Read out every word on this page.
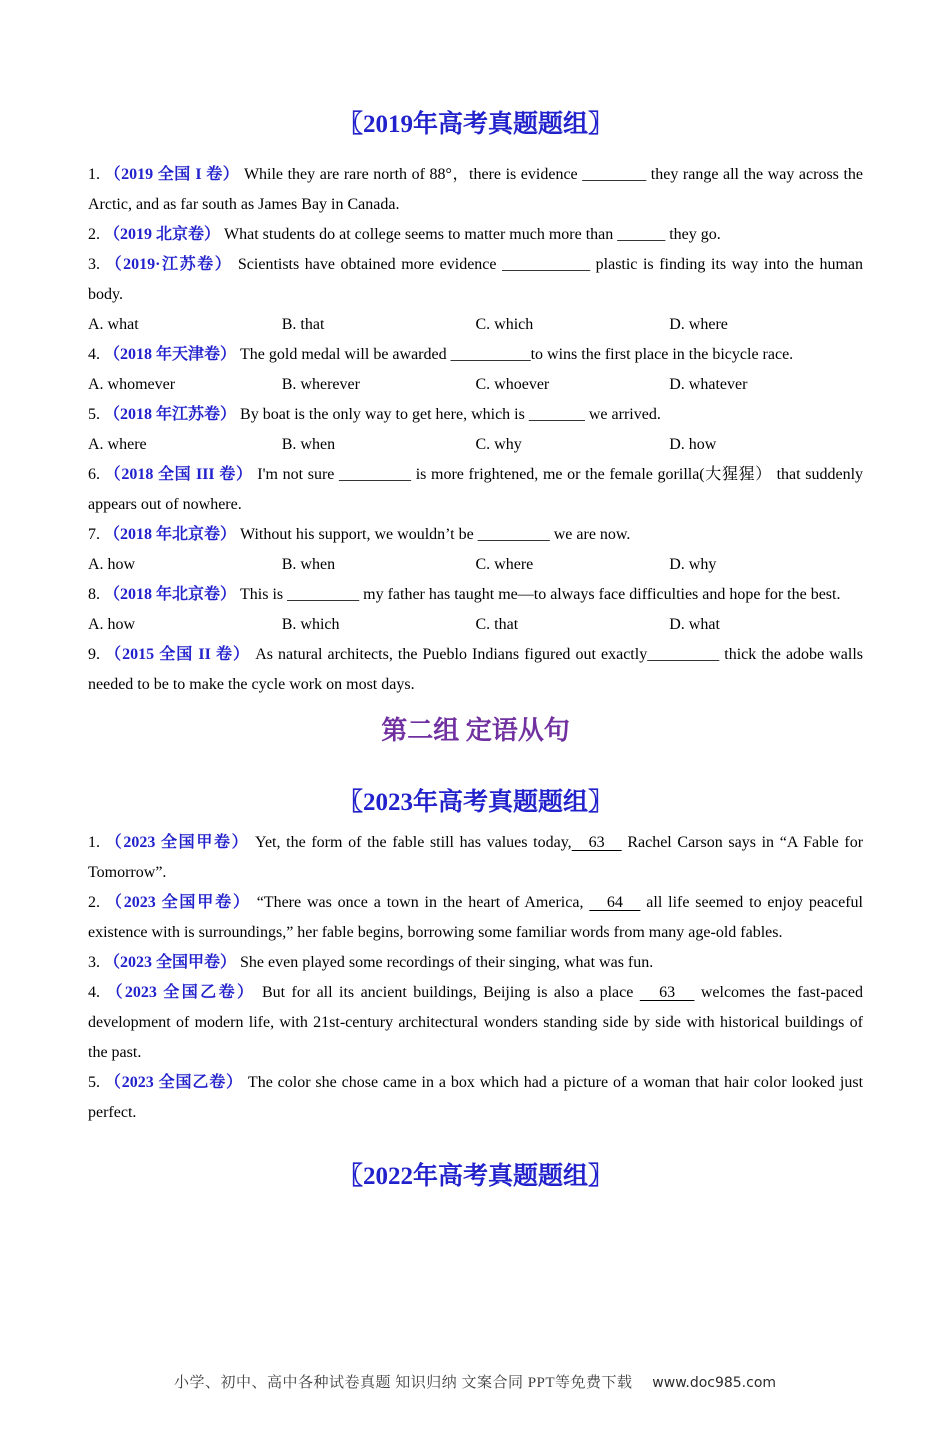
〖2019年高考真题题组〗

1. （2019 全国 I 卷） While they are rare north of 88°，there is evidence ________ they range all the way across the Arctic, and as far south as James Bay in Canada.

2. （2019 北京卷） What students do at college seems to matter much more than ______ they go.

3. （2019·江苏卷） Scientists have obtained more evidence ___________ plastic is finding its way into the human body.

A. what	B. that	C. which	D. where

4. （2018 年天津卷） The gold medal will be awarded __________to wins the first place in the bicycle race.

A. whomever	B. wherever	C. whoever	D. whatever

5. （2018 年江苏卷） By boat is the only way to get here, which is _______ we arrived.

A. where	B. when	C. why	D. how

6. （2018 全国 III 卷） I'm not sure _________ is more frightened, me or the female gorilla(大猩猩） that suddenly appears out of nowhere.

7. （2018 年北京卷） Without his support, we wouldn’t be _________ we are now.

A. how	B. when	C. where	D. why

8. （2018 年北京卷） This is _________ my father has taught me—to always face difficulties and hope for the best.

A. how	B. which	C. that	D. what

9. （2015 全国 II 卷） As natural architects, the Pueblo Indians figured out exactly_________ thick the adobe walls needed to be to make the cycle work on most days.

第二组 定语从句
〖2023年高考真题题组〗

1. （2023 全国甲卷） Yet, the form of the fable still has values today,   63    Rachel Carson says in “A Fable for Tomorrow”.

2. （2023 全国甲卷） “There was once a town in the heart of America,    64    all life seemed to enjoy peaceful existence with is surroundings,” her fable begins, borrowing some familiar words from many age-old fables.

3. （2023 全国甲卷） She even played some recordings of their singing, what was fun.

4. （2023 全国乙卷） But for all its ancient buildings, Beijing is also a place    63    welcomes the fast-paced development of modern life, with 21st-century architectural wonders standing side by side with historical buildings of the past.

5. （2023 全国乙卷） The color she chose came in a box which had a picture of a woman that hair color looked just perfect.

〖2022年高考真题题组〗
小学、初中、高中各种试卷真题 知识归纳 文案合同 PPT等免费下载 www.doc985.com
